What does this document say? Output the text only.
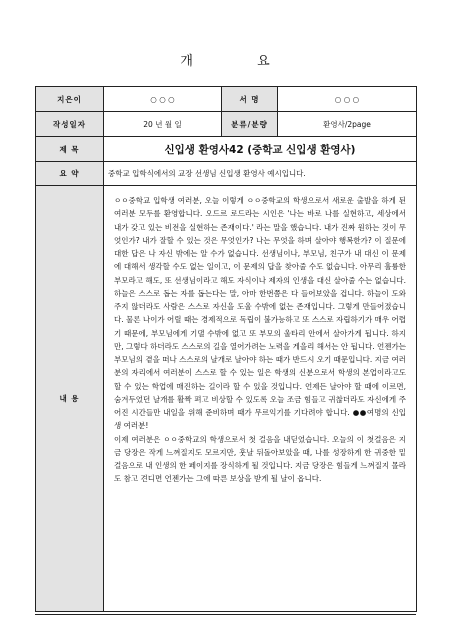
개 요
지은이	○ ○ ○	서 명	○ ○ ○
작성일자	20 년 월 일	분류/분량	환영사/2page
제 목	신입생 환영사42 (중학교 신입생 환영사)		
요 약	중학교 입학식에서의 교장 선생님 신입생 환영사 예시입니다.		
내 용	ㅇㅇ중학교 입학생 여러분, 오늘 이렇게 ㅇㅇ중학교의 학생으로서 새로운 출발을 하게 된 여러분 모두를 환영합니다. 오드르 로드라는 시인은 '나는 바로 나를 실현하고, 세상에서 내가 갖고 있는 비전을 실현하는 존재이다.' 라는 말을 했습니다. 내가 진짜 원하는 것이 무엇인가? 내가 잘할 수 있는 것은 무엇인가? 나는 무엇을 하며 살아야 행복한가? 이 질문에 대한 답은 나 자신 밖에는 알 수가 없습니다. 선생님이나, 부모님, 친구가 내 대신 이 문제에 대해서 생각할 수도 없는 일이고, 이 문제의 답을 찾아줄 수도 없습니다. 아무리 훌륭한 부모라고 해도, 또 선생님이라고 해도 자식이나 제자의 인생을 대신 살아줄 수는 없습니다. 하늘은 스스로 돕는 자를 돕는다는 말, 아마 한번쯤은 다 들어보았을 겁니다. 하늘이 도와주지 않더라도 사람은 스스로 자신을 도울 수밖에 없는 존재입니다. 그렇게 만들어졌습니다. 물론 나이가 어릴 때는 경제적으로 독립이 불가능하고 또 스스로 자립하기가 매우 어렵기 때문에, 부모님에게 기댈 수밖에 없고 또 부모의 울타리 안에서 살아가게 됩니다. 하지만, 그렇다 하더라도 스스로의 길을 열어가려는 노력을 게을리 해서는 안 됩니다. 언젠가는 부모님의 곁을 떠나 스스로의 날개로 날아야 하는 때가 반드시 오기 때문입니다. 지금 여러분의 자리에서 여러분이 스스로 할 수 있는 일은 학생의 신분으로서 학생의 본업이라고도 할 수 있는 학업에 매진하는 길이라 할 수 있을 것입니다. 언제든 날아야 할 때에 이르면, 숨겨두었던 날개를 활짝 펴고 비상할 수 있도록 오늘 조금 힘들고 귀찮더라도 자신에게 주어진 시간들만 내일을 위해 준비하며 때가 무르익기를 기다려야 합니다. ●●여명의 신입생 여러분!

이제 여러분은 ㅇㅇ중학교의 학생으로서 첫 걸음을 내딛었습니다. 오늘의 이 첫걸음은 지금 당장은 작게 느껴질지도 모르지만, 훗날 뒤돌아보았을 때, 나를 성장하게 한 귀중한 밑걸음으로 내 인생의 한 페이지를 장식하게 될 것입니다. 지금 당장은 힘들게 느껴질지 몰라도 참고 견디면 언젠가는 그에 따른 보상을 받게 될 날이 옵니다.		
